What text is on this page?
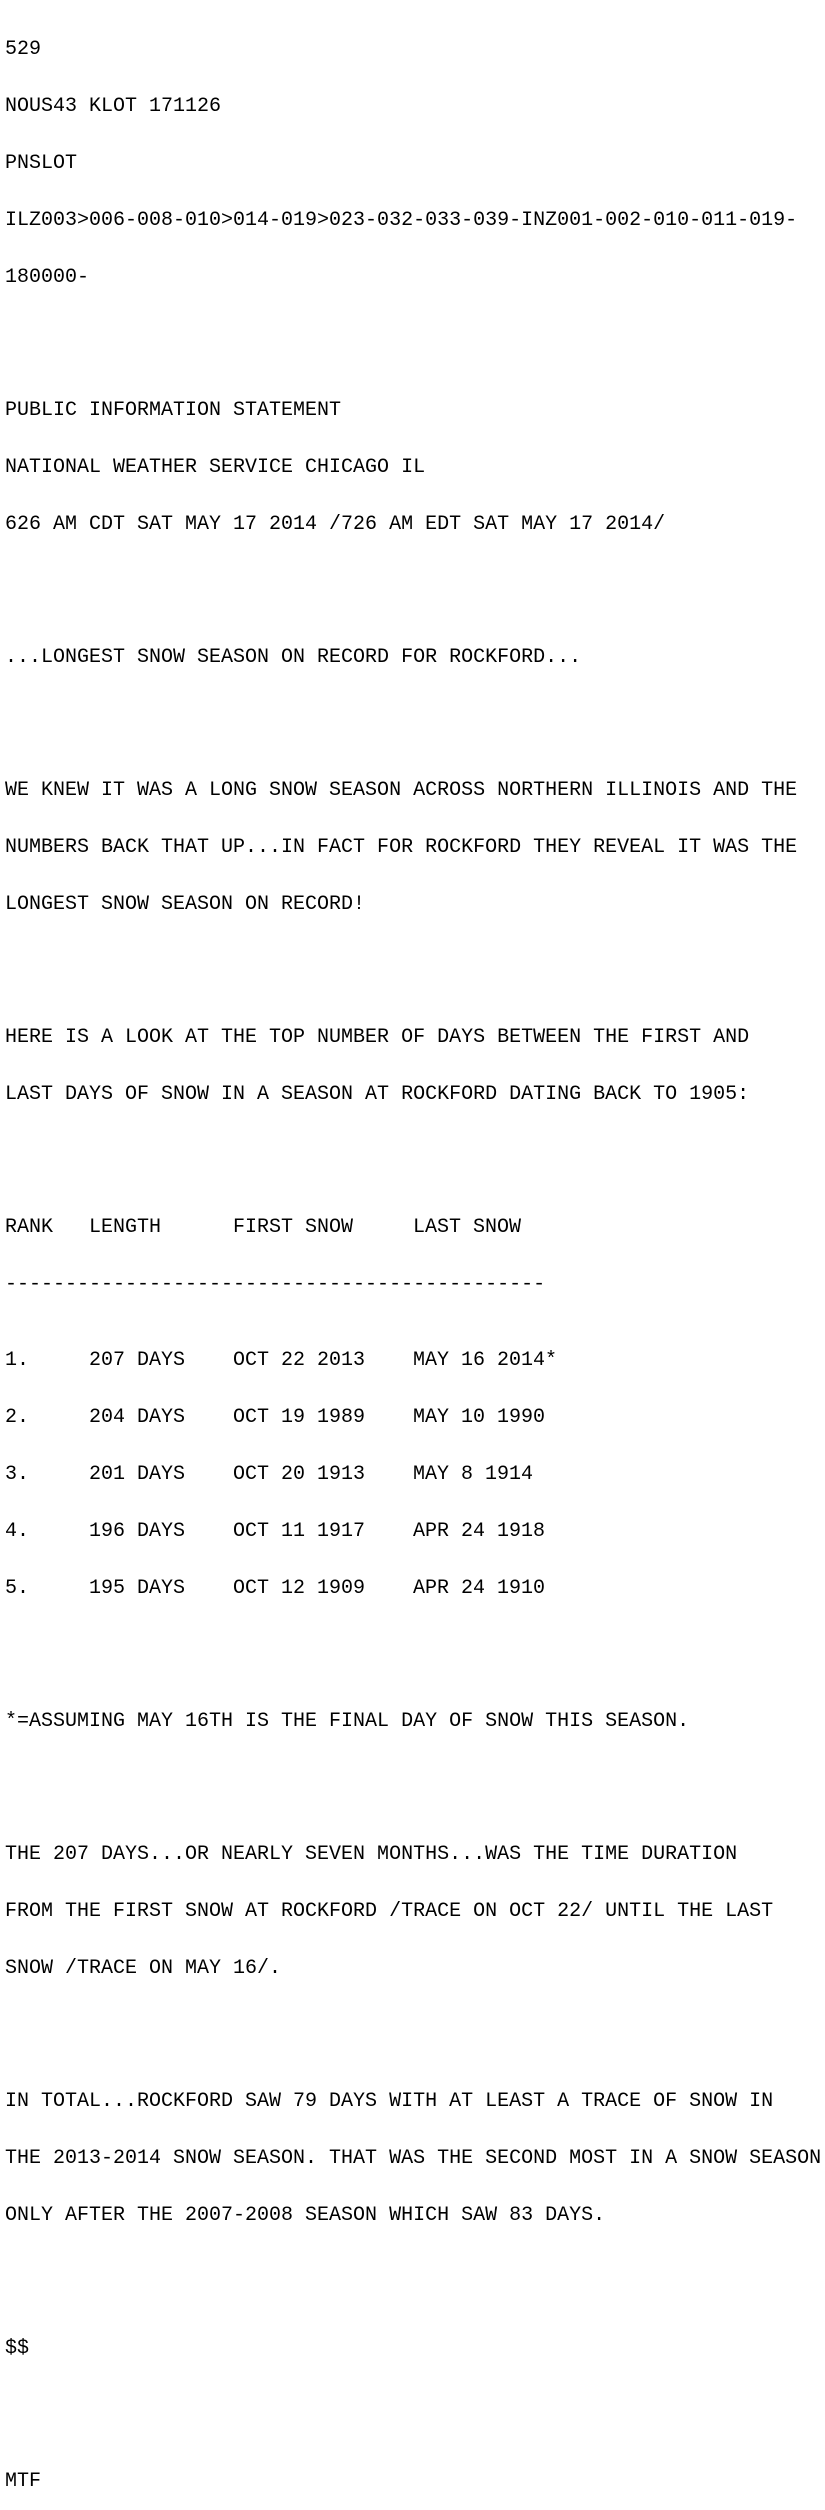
529

NOUS43 KLOT 171126

PNSLOT

ILZ003>006-008-010>014-019>023-032-033-039-INZ001-002-010-011-019-

180000-

PUBLIC INFORMATION STATEMENT

NATIONAL WEATHER SERVICE CHICAGO IL

626 AM CDT SAT MAY 17 2014 /726 AM EDT SAT MAY 17 2014/

...LONGEST SNOW SEASON ON RECORD FOR ROCKFORD...

WE KNEW IT WAS A LONG SNOW SEASON ACROSS NORTHERN ILLINOIS AND THE

NUMBERS BACK THAT UP...IN FACT FOR ROCKFORD THEY REVEAL IT WAS THE

LONGEST SNOW SEASON ON RECORD!

HERE IS A LOOK AT THE TOP NUMBER OF DAYS BETWEEN THE FIRST AND

LAST DAYS OF SNOW IN A SEASON AT ROCKFORD DATING BACK TO 1905:

RANK	LENGTH	FIRST SNOW	LAST SNOW

---------------------------------------------

1.	207 DAYS	OCT 22 2013	MAY 16 2014*

2.	204 DAYS	OCT 19 1989	MAY 10 1990

3.	201 DAYS	OCT 20 1913	MAY 8 1914

4.	196 DAYS	OCT 11 1917	APR 24 1918

5.	195 DAYS	OCT 12 1909	APR 24 1910

*=ASSUMING MAY 16TH IS THE FINAL DAY OF SNOW THIS SEASON.

THE 207 DAYS...OR NEARLY SEVEN MONTHS...WAS THE TIME DURATION

FROM THE FIRST SNOW AT ROCKFORD /TRACE ON OCT 22/ UNTIL THE LAST

SNOW /TRACE ON MAY 16/.

IN TOTAL...ROCKFORD SAW 79 DAYS WITH AT LEAST A TRACE OF SNOW IN

THE 2013-2014 SNOW SEASON. THAT WAS THE SECOND MOST IN A SNOW SEASON

ONLY AFTER THE 2007-2008 SEASON WHICH SAW 83 DAYS.

$$

MTF
